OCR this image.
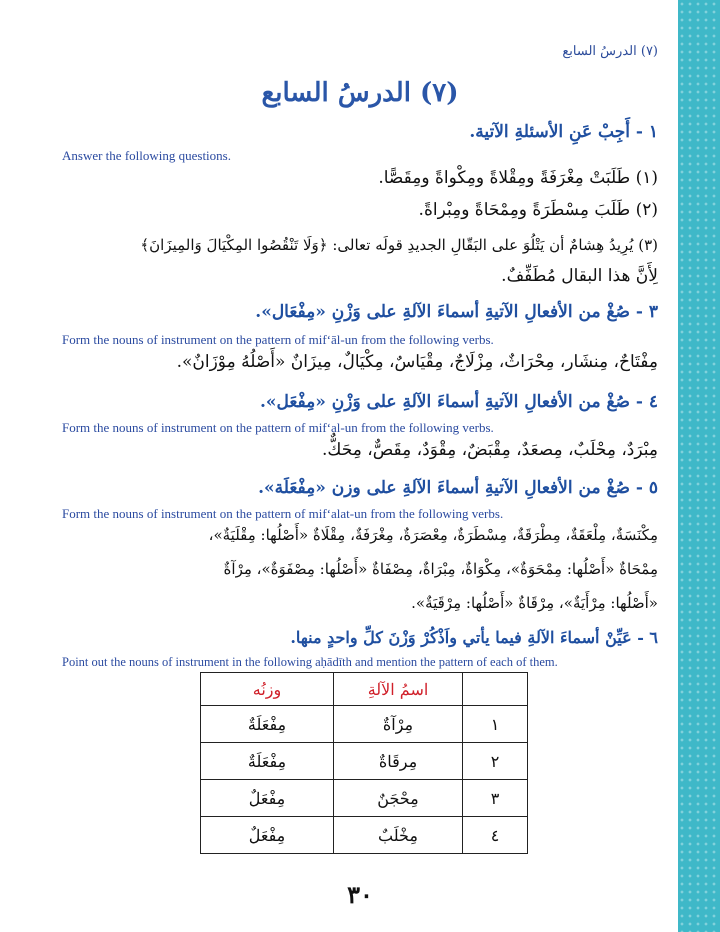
(٧) الدرسُ السابع
(٧) الدرسُ السابع
١ - أَجِبْ عَنِ الأسئلةِ الآتية.
Answer the following questions.
(١) طَلَبَتْ مِغْرَفَةً ومِقْلاةً ومِكْواةً ومِقَصًّا.
(٢) طَلَبَ مِسْطَرَةً ومِمْحَاةً ومِبْراةً.
(٣) يُرِيدُ هِشامٌ أن يَتْلُوَ على البَقّالِ الجديدِ قولَه تعالى: ﴿وَلَا تَنْقُصُوا المِكْيَالَ وَالمِيزَانَ﴾
لِأَنَّ هذا البقال مُطَفِّفٌ.
٣ - صُغْ من الأفعالِ الآتيةِ أسماءَ الآلةِ على وَزْنِ «مِفْعَال».
Form the nouns of instrument on the pattern of mif‘āl-un from the following verbs.
مِفْتَاحٌ، مِنشَار، مِحْرَاثٌ، مِزْلَاجٌ، مِقْيَاسٌ، مِكْيَالٌ، مِيزَانٌ «أَصْلُهُ مِوْزَانٌ».
٤ - صُغْ من الأفعالِ الآتيةِ أسماءَ الآلةِ على وَزْنِ «مِفْعَل».
Form the nouns of instrument on the pattern of mif‘al-un from the following verbs.
مِبْرَدٌ، مِحْلَبٌ، مِصعَدٌ، مِقْبَضٌ، مِقْوَدٌ، مِقَصٌّ، مِحَكٌّ.
٥ - صُغْ من الأفعالِ الآتيةِ أسماءَ الآلةِ على وزن «مِفْعَلَة».
Form the nouns of instrument on the pattern of mif‘alat-un from the following verbs.
مِكْنَسَةٌ، مِلْعَقَةٌ، مِطْرَقَةٌ، مِسْطَرَةٌ، مِعْصَرَةٌ، مِغْرَفَةٌ، مِقْلَاةٌ «أَصْلُها: مِقْلَيَةٌ»،
مِمْحَاةٌ «أَصْلُها: مِمْحَوَةٌ»، مِكْوَاةٌ، مِبْرَاةٌ، مِصْفَاةٌ «أَصْلُها: مِصْفَوَةٌ»، مِرْآةٌ
«أَصْلُها: مِرْأَيَةٌ»، مِرْقَاةٌ «أَصْلُها: مِرْقَيَةٌ».
٦ - عَيِّنْ أسماءَ الآلةِ فيما يأتي واَذْكُرْ وَزْنَ كلِّ واحدٍ منها.
Point out the nouns of instrument in the following aḥādīth and mention the pattern of each of them.
	اسمُ الآلةِ	وزنُه
١	مِرْآةٌ	مِفْعَلَةٌ
٢	مِرقَاةٌ	مِفْعَلَةٌ
٣	مِحْجَنٌ	مِفْعَلٌ
٤	مِخْلَبٌ	مِفْعَلٌ
٣٠
